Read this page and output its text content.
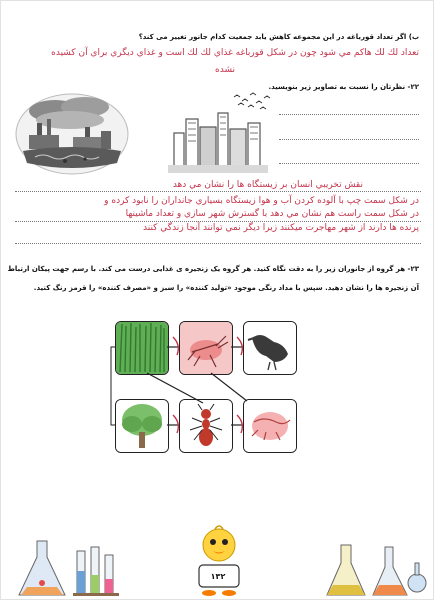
ب) اگر تعداد قورباغه در این مجموعه کاهش یابد جمعیت کدام جانور تغییر می کند؟
تعداد لك لك هاكم مي شود چون در شكل قورباغه غذاي لك لك است و غذاي ديگري براي آن كشيده
نشده
۲۲- نظرتان را نسبت به تصاویر زیر بنویسید.
نقش تخريبي انسان بر زيستگاه ها را نشان مي دهد
در شكل سمت چپ با آلوده كردن آب و هوا زيستگاه بسياري جانداران را نابود كرده و
در شكل سمت راست هم نشان مي دهد با گسترش شهر سازي و تعداد ماشينها
پرنده ها دارند از شهر مهاجرت ميكنند زيرا ديگر نمي توانند آنجا زندگي كنند
۲۳- هر گروه از جانوران زیر را به دقت نگاه کنید. هر گروه یک زنجیره ی غذایی درست می کند. با رسم جهت پیکان ارتباط
آن زنجیره ها را نشان دهید. سپس با مداد رنگی موجود «تولید کننده» را سبز و «مصرف کننده» را قرمز رنگ کنید.
۱۳۲
